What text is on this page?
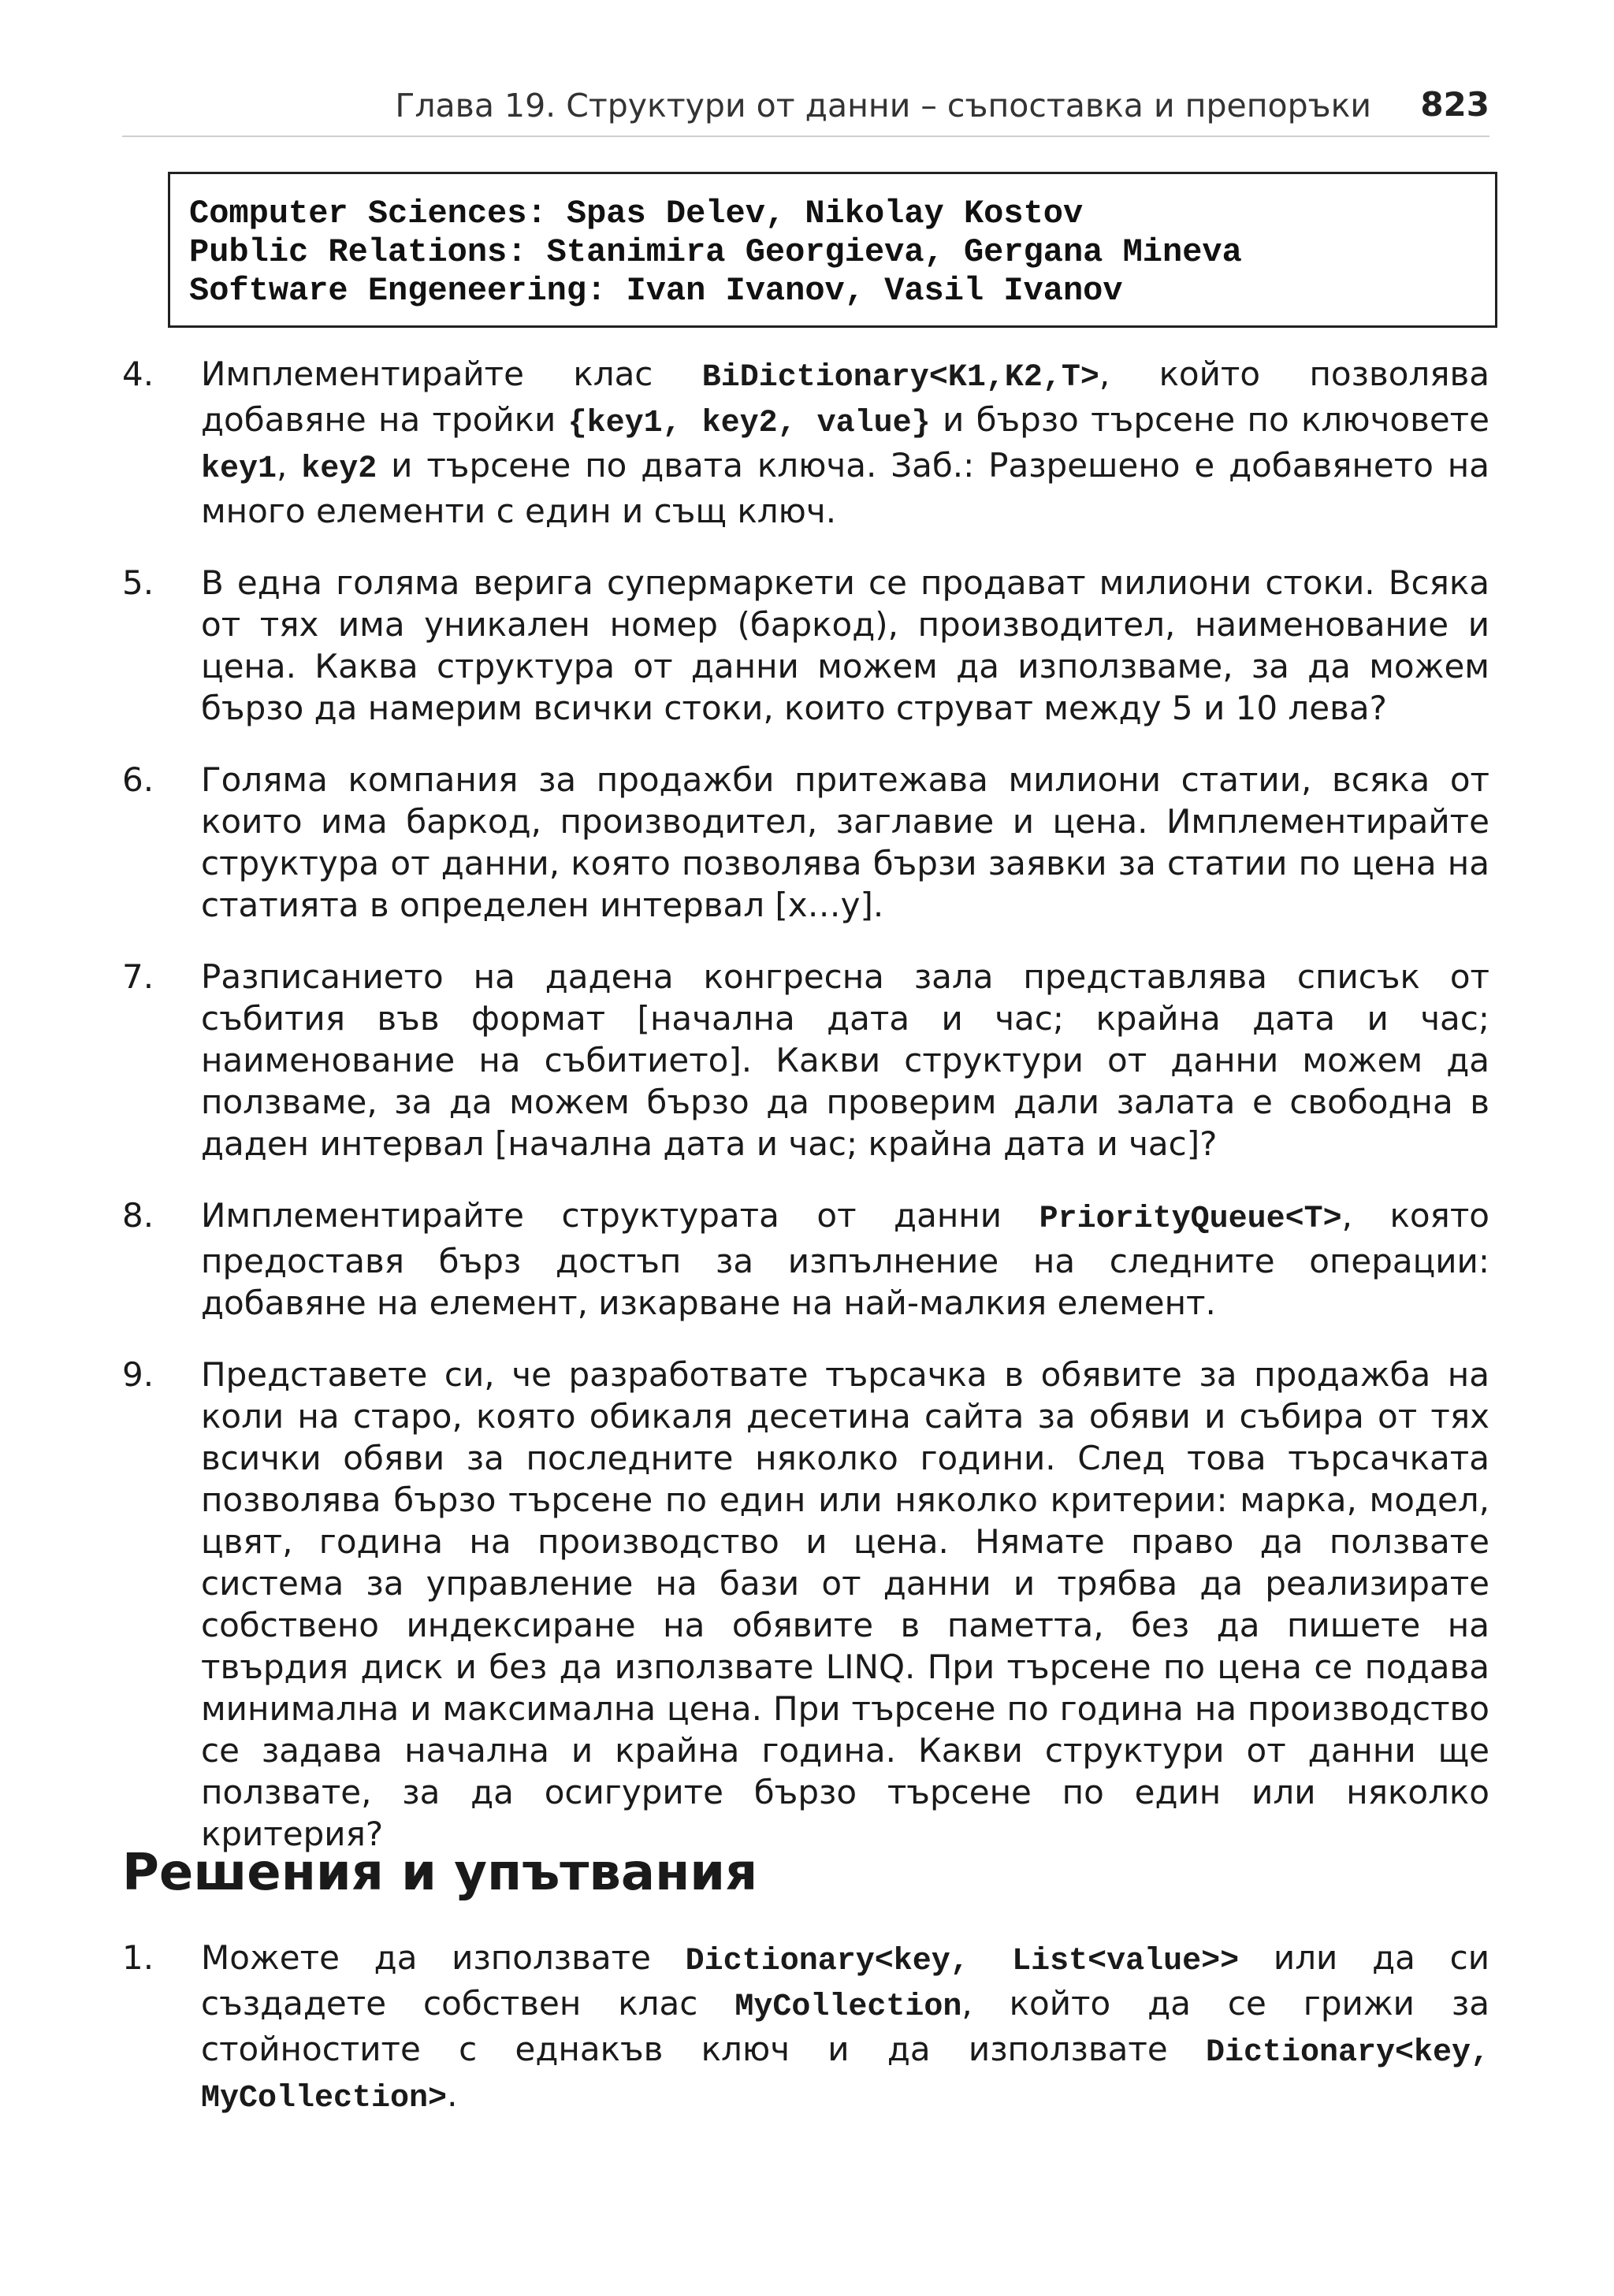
Глава 19. Структури от данни – съпоставка и препоръки 823
Computer Sciences: Spas Delev, Nikolay Kostov
Public Relations: Stanimira Georgieva, Gergana Mineva
Software Engeneering: Ivan Ivanov, Vasil Ivanov
4. Имплементирайте клас BiDictionary<K1,K2,T>, който позволява добавяне на тройки {key1, key2, value} и бързо търсене по ключовете key1, key2 и търсене по двата ключа. Заб.: Разрешено е добавянето на много елементи с един и същ ключ.

5. В една голяма верига супермаркети се продават милиони стоки. Всяка от тях има уникален номер (баркод), производител, наименование и цена. Каква структура от данни можем да използваме, за да можем бързо да намерим всички стоки, които струват между 5 и 10 лева?

6. Голяма компания за продажби притежава милиони статии, всяка от които има баркод, производител, заглавие и цена. Имплементирайте структура от данни, която позволява бързи заявки за статии по цена на статията в определен интервал [x…y].

7. Разписанието на дадена конгресна зала представлява списък от събития във формат [начална дата и час; крайна дата и час; наименование на събитието]. Какви структури от данни можем да ползваме, за да можем бързо да проверим дали залата е свободна в даден интервал [начална дата и час; крайна дата и час]?

8. Имплементирайте структурата от данни PriorityQueue<T>, която предоставя бърз достъп за изпълнение на следните операции: добавяне на елемент, изкарване на най-малкия елемент.

9. Представете си, че разработвате търсачка в обявите за продажба на коли на старо, която обикаля десетина сайта за обяви и събира от тях всички обяви за последните няколко години. След това търсачката позволява бързо търсене по един или няколко критерии: марка, модел, цвят, година на производство и цена. Нямате право да ползвате система за управление на бази от данни и трябва да реализирате собствено индексиране на обявите в паметта, без да пишете на твърдия диск и без да използвате LINQ. При търсене по цена се подава минимална и максимална цена. При търсене по година на производство се задава начална и крайна година. Какви структури от данни ще ползвате, за да осигурите бързо търсене по един или няколко критерия?

Решения и упътвания
1. Можете да използвате Dictionary<key, List<value>> или да си създадете собствен клас MyCollection, който да се грижи за стойностите с еднакъв ключ и да използвате Dictionary<key, MyCollection>.
